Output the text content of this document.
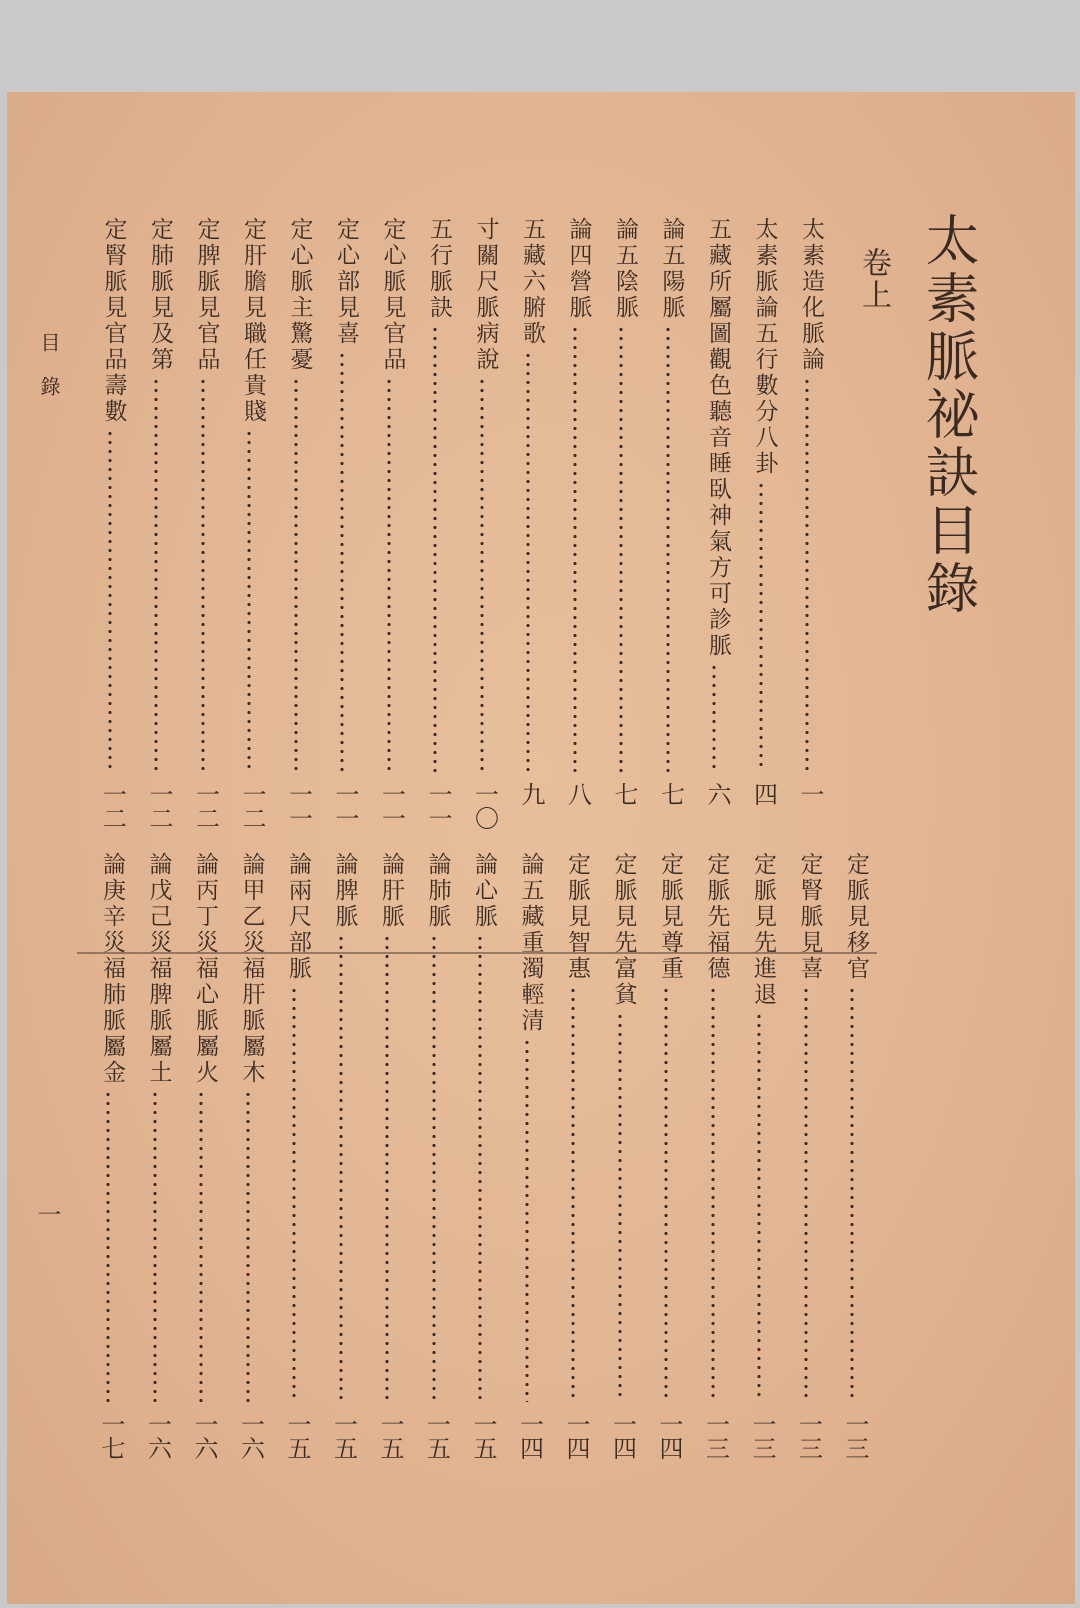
太素脈祕訣目錄
卷上
目 錄
一
太素造化脈論
一
太素脈論五行數分八卦
四
五藏所屬圖觀色聽音睡臥神氣方可診脈
六
論五陽脈
七
論五陰脈
七
論四營脈
八
五藏六腑歌
九
寸關尺脈病說
一〇
五行脈訣
一一
定心脈見官品
一一
定心部見喜
一一
定心脈主驚憂
一一
定肝膽見職任貴賤
一二
定脾脈見官品
一二
定肺脈見及第
一二
定腎脈見官品壽數
一二
定脈見移官
一三
定腎脈見喜
一三
定脈見先進退
一三
定脈先福德
一三
定脈見尊重
一四
定脈見先富貧
一四
定脈見智惠
一四
論五藏重濁輕清
一四
論心脈
一五
論肺脈
一五
論肝脈
一五
論脾脈
一五
論兩尺部脈
一五
論甲乙災福肝脈屬木
一六
論丙丁災福心脈屬火
一六
論戊己災福脾脈屬土
一六
論庚辛災福肺脈屬金
一七
